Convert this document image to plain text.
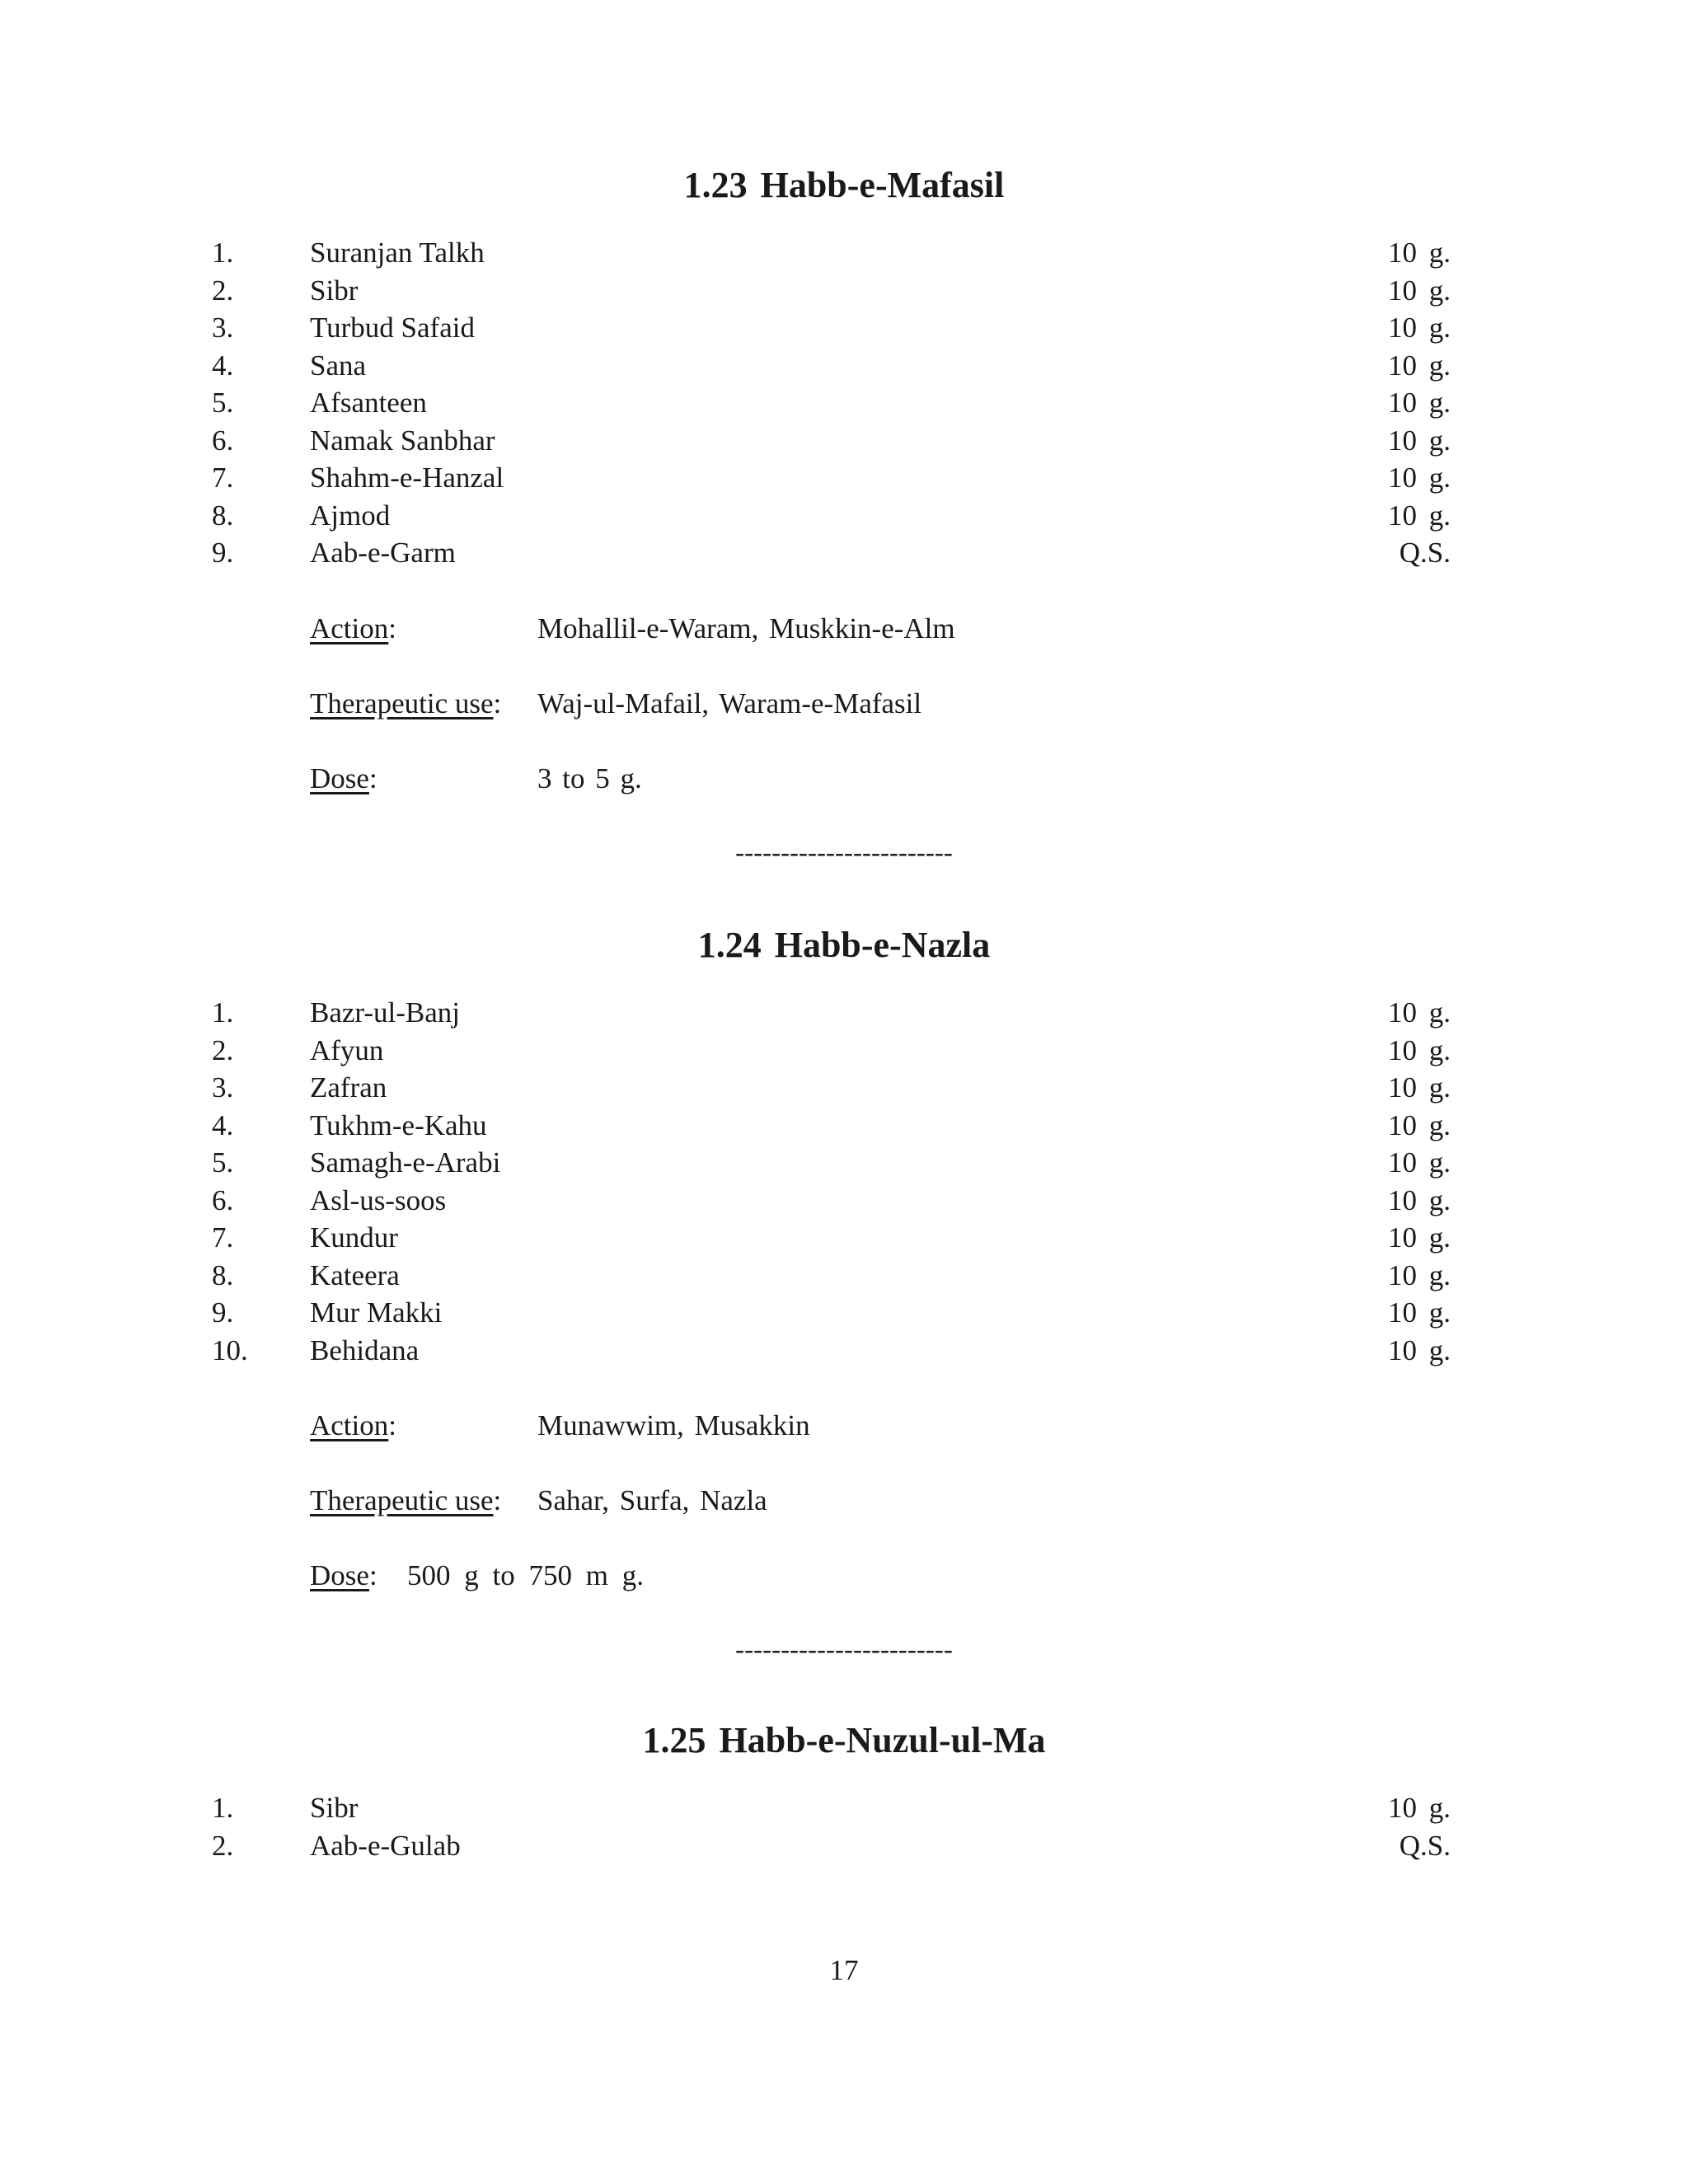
1.23 Habb-e-Mafasil
1.	Suranjan Talkh	10 g.
2.	Sibr	10 g.
3.	Turbud Safaid	10 g.
4.	Sana	10 g.
5.	Afsanteen	10 g.
6.	Namak Sanbhar	10 g.
7.	Shahm-e-Hanzal	10 g.
8.	Ajmod	10 g.
9.	Aab-e-Garm	Q.S.
Action:	Mohallil-e-Waram, Muskkin-e-Alm
Therapeutic use: Waj-ul-Mafail, Waram-e-Mafasil
Dose:	3 to 5 g.
------------------------
1.24 Habb-e-Nazla
1.	Bazr-ul-Banj	10 g.
2.	Afyun	10 g.
3.	Zafran	10 g.
4.	Tukhm-e-Kahu	10 g.
5.	Samagh-e-Arabi	10 g.
6.	Asl-us-soos	10 g.
7.	Kundur	10 g.
8.	Kateera	10 g.
9.	Mur Makki	10 g.
10. Behidana	10 g.
Action:	Munawwim, Musakkin
Therapeutic use: Sahar, Surfa, Nazla
Dose: 500 g to 750 m g.
------------------------
1.25 Habb-e-Nuzul-ul-Ma
1.	Sibr	10 g.
2.	Aab-e-Gulab	Q.S.
17
